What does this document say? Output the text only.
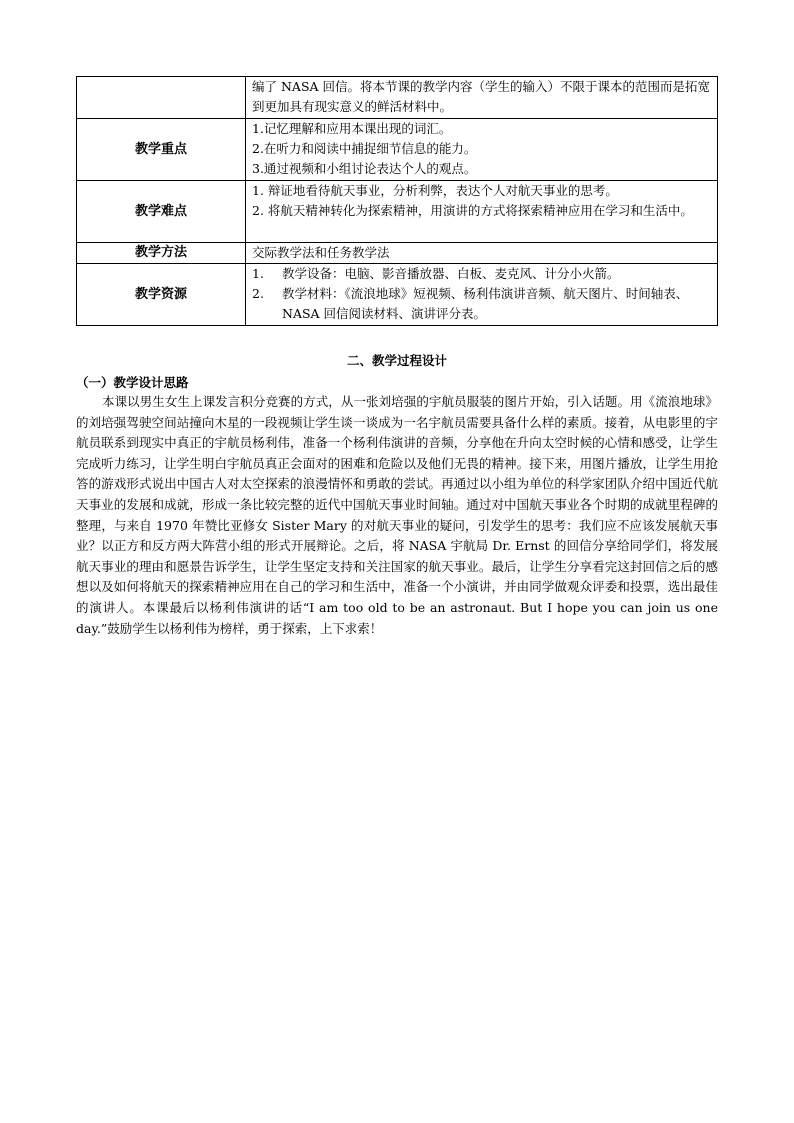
	编了 NASA 回信。将本节课的教学内容（学生的输入）不限于课本的范围而是拓宽到更加具有现实意义的鲜活材料中。
教学重点	1.记忆理解和应用本课出现的词汇。
2.在听力和阅读中捕捉细节信息的能力。
3.通过视频和小组讨论表达个人的观点。

教学难点	1. 辩证地看待航天事业，分析利弊，表达个人对航天事业的思考。
2. 将航天精神转化为探索精神，用演讲的方式将探索精神应用在学习和生活中。

教学方法	交际教学法和任务教学法
教学资源	1. 教学设备：电脑、影音播放器、白板、麦克风、计分小火箭。
2. 教学材料：《流浪地球》短视频、杨利伟演讲音频、航天图片、时间轴表、NASA 回信阅读材料、演讲评分表。
二、教学过程设计
（一）教学设计思路

本课以男生女生上课发言积分竞赛的方式，从一张刘培强的宇航员服装的图片开始，引入话题。用《流浪地球》的刘培强驾驶空间站撞向木星的一段视频让学生谈一谈成为一名宇航员需要具备什么样的素质。接着，从电影里的宇航员联系到现实中真正的宇航员杨利伟，准备一个杨利伟演讲的音频，分享他在升向太空时候的心情和感受，让学生完成听力练习，让学生明白宇航员真正会面对的困难和危险以及他们无畏的精神。接下来，用图片播放，让学生用抢答的游戏形式说出中国古人对太空探索的浪漫情怀和勇敢的尝试。再通过以小组为单位的科学家团队介绍中国近代航天事业的发展和成就，形成一条比较完整的近代中国航天事业时间轴。通过对中国航天事业各个时期的成就里程碑的整理，与来自 1970 年赞比亚修女 Sister Mary 的对航天事业的疑问，引发学生的思考：我们应不应该发展航天事业？以正方和反方两大阵营小组的形式开展辩论。之后，将 NASA 宇航局 Dr. Ernst 的回信分享给同学们，将发展航天事业的理由和愿景告诉学生，让学生坚定支持和关注国家的航天事业。最后，让学生分享看完这封回信之后的感想以及如何将航天的探索精神应用在自己的学习和生活中，准备一个小演讲，并由同学做观众评委和投票，选出最佳的演讲人。本课最后以杨利伟演讲的话“I am too old to be an astronaut. But I hope you can join us one day.”鼓励学生以杨利伟为榜样，勇于探索，上下求索！
